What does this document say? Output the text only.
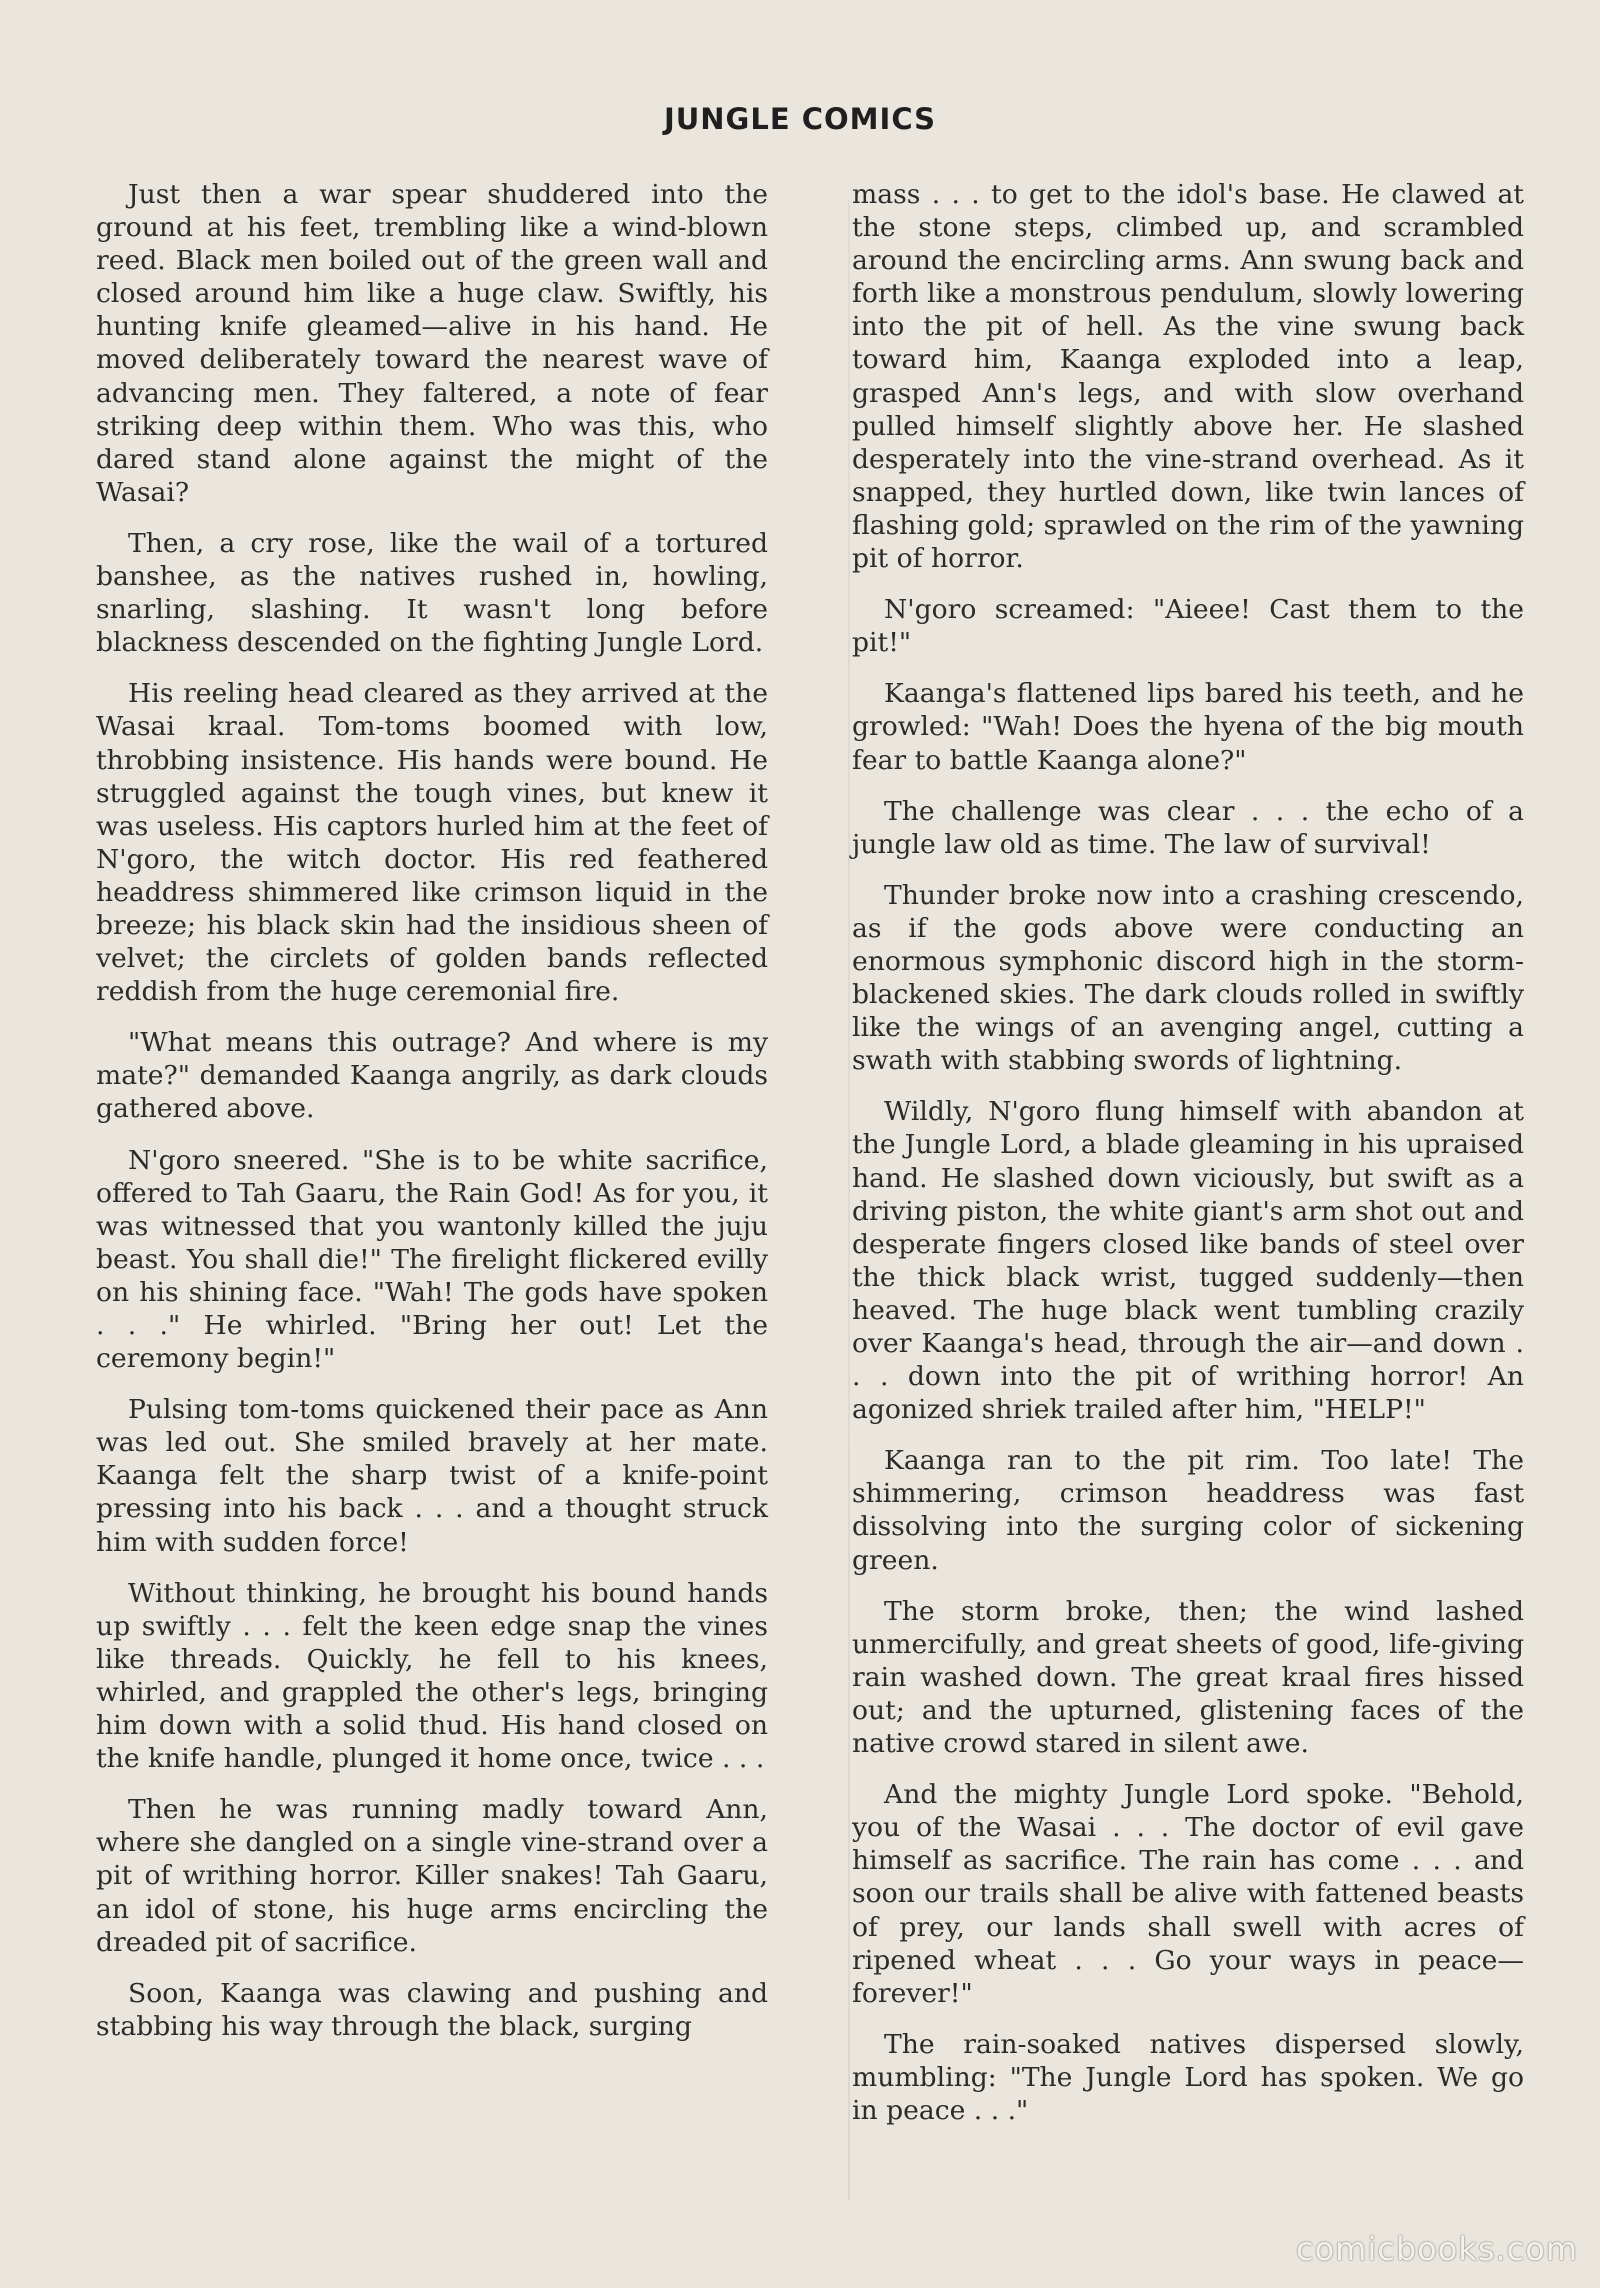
JUNGLE COMICS

Just then a war spear shuddered into the ground at his feet, trembling like a wind-blown reed. Black men boiled out of the green wall and closed around him like a huge claw. Swiftly, his hunting knife gleamed—alive in his hand. He moved deliberately toward the nearest wave of advancing men. They faltered, a note of fear striking deep within them. Who was this, who dared stand alone against the might of the Wasai?

Then, a cry rose, like the wail of a tortured banshee, as the natives rushed in, howling, snarling, slashing. It wasn't long before blackness descended on the fighting Jungle Lord.

His reeling head cleared as they arrived at the Wasai kraal. Tom-toms boomed with low, throbbing insistence. His hands were bound. He struggled against the tough vines, but knew it was useless. His captors hurled him at the feet of N'goro, the witch doctor. His red feathered headdress shimmered like crimson liquid in the breeze; his black skin had the insidious sheen of velvet; the circlets of golden bands reflected reddish from the huge ceremonial fire.

"What means this outrage? And where is my mate?" demanded Kaanga angrily, as dark clouds gathered above.

N'goro sneered. "She is to be white sacrifice, offered to Tah Gaaru, the Rain God! As for you, it was witnessed that you wantonly killed the juju beast. You shall die!" The firelight flickered evilly on his shining face. "Wah! The gods have spoken . . ." He whirled. "Bring her out! Let the ceremony begin!"

Pulsing tom-toms quickened their pace as Ann was led out. She smiled bravely at her mate. Kaanga felt the sharp twist of a knife-point pressing into his back . . . and a thought struck him with sudden force!

Without thinking, he brought his bound hands up swiftly . . . felt the keen edge snap the vines like threads. Quickly, he fell to his knees, whirled, and grappled the other's legs, bringing him down with a solid thud. His hand closed on the knife handle, plunged it home once, twice . . .

Then he was running madly toward Ann, where she dangled on a single vine-strand over a pit of writhing horror. Killer snakes! Tah Gaaru, an idol of stone, his huge arms encircling the dreaded pit of sacrifice.

Soon, Kaanga was clawing and pushing and stabbing his way through the black, surging

mass . . . to get to the idol's base. He clawed at the stone steps, climbed up, and scrambled around the encircling arms. Ann swung back and forth like a monstrous pendulum, slowly lowering into the pit of hell. As the vine swung back toward him, Kaanga exploded into a leap, grasped Ann's legs, and with slow overhand pulled himself slightly above her. He slashed desperately into the vine-strand overhead. As it snapped, they hurtled down, like twin lances of flashing gold; sprawled on the rim of the yawning pit of horror.

N'goro screamed: "Aieee! Cast them to the pit!"

Kaanga's flattened lips bared his teeth, and he growled: "Wah! Does the hyena of the big mouth fear to battle Kaanga alone?"

The challenge was clear . . . the echo of a jungle law old as time. The law of survival!

Thunder broke now into a crashing crescendo, as if the gods above were conducting an enormous symphonic discord high in the storm-blackened skies. The dark clouds rolled in swiftly like the wings of an avenging angel, cutting a swath with stabbing swords of lightning.

Wildly, N'goro flung himself with abandon at the Jungle Lord, a blade gleaming in his upraised hand. He slashed down viciously, but swift as a driving piston, the white giant's arm shot out and desperate fingers closed like bands of steel over the thick black wrist, tugged suddenly—then heaved. The huge black went tumbling crazily over Kaanga's head, through the air—and down . . . down into the pit of writhing horror! An agonized shriek trailed after him, "HELP!"

Kaanga ran to the pit rim. Too late! The shimmering, crimson headdress was fast dissolving into the surging color of sickening green.

The storm broke, then; the wind lashed unmercifully, and great sheets of good, life-giving rain washed down. The great kraal fires hissed out; and the upturned, glistening faces of the native crowd stared in silent awe.

And the mighty Jungle Lord spoke. "Behold, you of the Wasai . . . The doctor of evil gave himself as sacrifice. The rain has come . . . and soon our trails shall be alive with fattened beasts of prey, our lands shall swell with acres of ripened wheat . . . Go your ways in peace—forever!"

The rain-soaked natives dispersed slowly, mumbling: "The Jungle Lord has spoken. We go in peace . . ."

comicbooks.com
